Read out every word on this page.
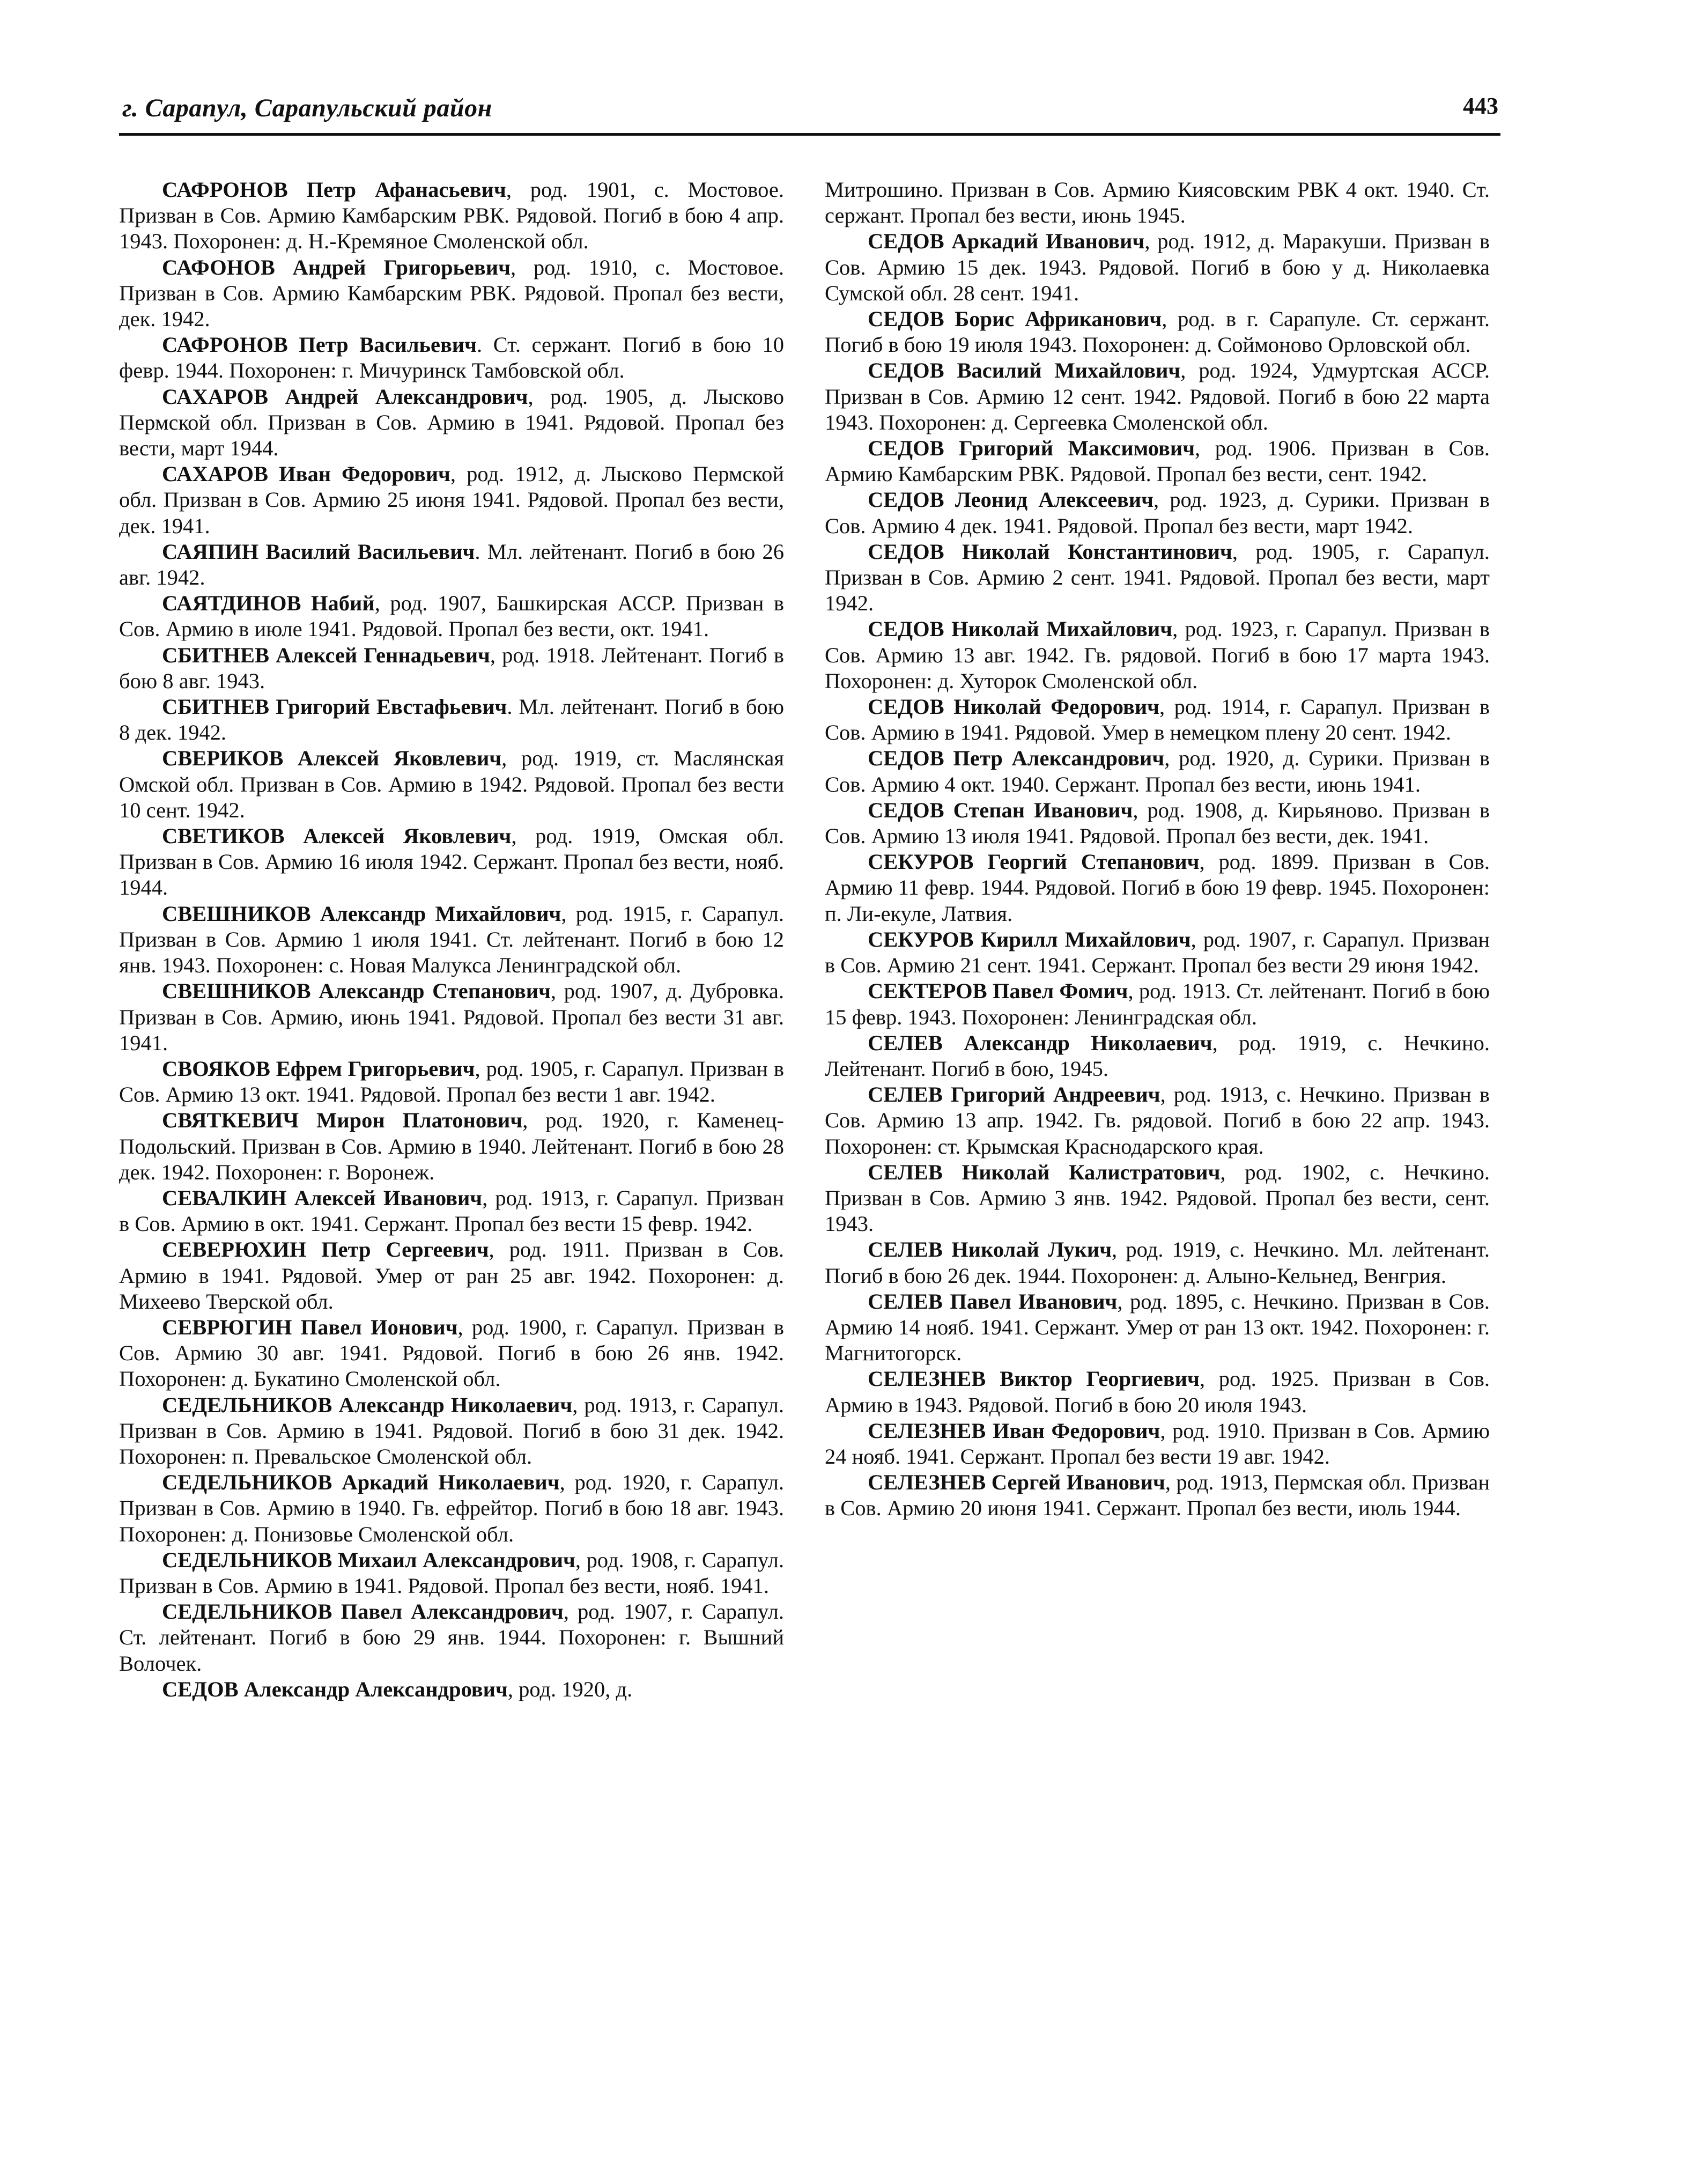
г. Сарапул, Сарапульский район	443

САФРОНОВ Петр Афанасьевич, род. 1901, с. Мостовое. Призван в Сов. Армию Камбарским РВК. Рядовой. Погиб в бою 4 апр. 1943. Похоронен: д. Н.-Кремяное Смоленской обл.

САФОНОВ Андрей Григорьевич, род. 1910, с. Мостовое. Призван в Сов. Армию Камбарским РВК. Рядовой. Пропал без вести, дек. 1942.

САФРОНОВ Петр Васильевич. Ст. сержант. Погиб в бою 10 февр. 1944. Похоронен: г. Мичуринск Тамбовской обл.

САХАРОВ Андрей Александрович, род. 1905, д. Лысково Пермской обл. Призван в Сов. Армию в 1941. Рядовой. Пропал без вести, март 1944.

САХАРОВ Иван Федорович, род. 1912, д. Лысково Пермской обл. Призван в Сов. Армию 25 июня 1941. Рядовой. Пропал без вести, дек. 1941.

САЯПИН Василий Васильевич. Мл. лейтенант. Погиб в бою 26 авг. 1942.

САЯТДИНОВ Набий, род. 1907, Башкирская АССР. Призван в Сов. Армию в июле 1941. Рядовой. Пропал без вести, окт. 1941.

СБИТНЕВ Алексей Геннадьевич, род. 1918. Лейтенант. Погиб в бою 8 авг. 1943.

СБИТНЕВ Григорий Евстафьевич. Мл. лейтенант. Погиб в бою 8 дек. 1942.

СВЕРИКОВ Алексей Яковлевич, род. 1919, ст. Маслянская Омской обл. Призван в Сов. Армию в 1942. Рядовой. Пропал без вести 10 сент. 1942.

СВЕТИКОВ Алексей Яковлевич, род. 1919, Омская обл. Призван в Сов. Армию 16 июля 1942. Сержант. Пропал без вести, нояб. 1944.

СВЕШНИКОВ Александр Михайлович, род. 1915, г. Сарапул. Призван в Сов. Армию 1 июля 1941. Ст. лейтенант. Погиб в бою 12 янв. 1943. Похоронен: с. Новая Малукса Ленинградской обл.

СВЕШНИКОВ Александр Степанович, род. 1907, д. Дубровка. Призван в Сов. Армию, июнь 1941. Рядовой. Пропал без вести 31 авг. 1941.

СВОЯКОВ Ефрем Григорьевич, род. 1905, г. Сарапул. Призван в Сов. Армию 13 окт. 1941. Рядовой. Пропал без вести 1 авг. 1942.

СВЯТКЕВИЧ Мирон Платонович, род. 1920, г. Каменец-Подольский. Призван в Сов. Армию в 1940. Лейтенант. Погиб в бою 28 дек. 1942. Похоронен: г. Воронеж.

СЕВАЛКИН Алексей Иванович, род. 1913, г. Сарапул. Призван в Сов. Армию в окт. 1941. Сержант. Пропал без вести 15 февр. 1942.

СЕВЕРЮХИН Петр Сергеевич, род. 1911. Призван в Сов. Армию в 1941. Рядовой. Умер от ран 25 авг. 1942. Похоронен: д. Михеево Тверской обл.

СЕВРЮГИН Павел Ионович, род. 1900, г. Сарапул. Призван в Сов. Армию 30 авг. 1941. Рядовой. Погиб в бою 26 янв. 1942. Похоронен: д. Букатино Смоленской обл.

СЕДЕЛЬНИКОВ Александр Николаевич, род. 1913, г. Сарапул. Призван в Сов. Армию в 1941. Рядовой. Погиб в бою 31 дек. 1942. Похоронен: п. Превальское Смоленской обл.

СЕДЕЛЬНИКОВ Аркадий Николаевич, род. 1920, г. Сарапул. Призван в Сов. Армию в 1940. Гв. ефрейтор. Погиб в бою 18 авг. 1943. Похоронен: д. Понизовье Смоленской обл.

СЕДЕЛЬНИКОВ Михаил Александрович, род. 1908, г. Сарапул. Призван в Сов. Армию в 1941. Рядовой. Пропал без вести, нояб. 1941.

СЕДЕЛЬНИКОВ Павел Александрович, род. 1907, г. Сарапул. Ст. лейтенант. Погиб в бою 29 янв. 1944. Похоронен: г. Вышний Волочек.

СЕДОВ Александр Александрович, род. 1920, д.

Митрошино. Призван в Сов. Армию Киясовским РВК 4 окт. 1940. Ст. сержант. Пропал без вести, июнь 1945.

СЕДОВ Аркадий Иванович, род. 1912, д. Маракуши. Призван в Сов. Армию 15 дек. 1943. Рядовой. Погиб в бою у д. Николаевка Сумской обл. 28 сент. 1941.

СЕДОВ Борис Африканович, род. в г. Сарапуле. Ст. сержант. Погиб в бою 19 июля 1943. Похоронен: д. Соймоново Орловской обл.

СЕДОВ Василий Михайлович, род. 1924, Удмуртская АССР. Призван в Сов. Армию 12 сент. 1942. Рядовой. Погиб в бою 22 марта 1943. Похоронен: д. Сергеевка Смоленской обл.

СЕДОВ Григорий Максимович, род. 1906. Призван в Сов. Армию Камбарским РВК. Рядовой. Пропал без вести, сент. 1942.

СЕДОВ Леонид Алексеевич, род. 1923, д. Сурики. Призван в Сов. Армию 4 дек. 1941. Рядовой. Пропал без вести, март 1942.

СЕДОВ Николай Константинович, род. 1905, г. Сарапул. Призван в Сов. Армию 2 сент. 1941. Рядовой. Пропал без вести, март 1942.

СЕДОВ Николай Михайлович, род. 1923, г. Сарапул. Призван в Сов. Армию 13 авг. 1942. Гв. рядовой. Погиб в бою 17 марта 1943. Похоронен: д. Хуторок Смоленской обл.

СЕДОВ Николай Федорович, род. 1914, г. Сарапул. Призван в Сов. Армию в 1941. Рядовой. Умер в немецком плену 20 сент. 1942.

СЕДОВ Петр Александрович, род. 1920, д. Сурики. Призван в Сов. Армию 4 окт. 1940. Сержант. Пропал без вести, июнь 1941.

СЕДОВ Степан Иванович, род. 1908, д. Кирьяново. Призван в Сов. Армию 13 июля 1941. Рядовой. Пропал без вести, дек. 1941.

СЕКУРОВ Георгий Степанович, род. 1899. Призван в Сов. Армию 11 февр. 1944. Рядовой. Погиб в бою 19 февр. 1945. Похоронен: п. Ли-екуле, Латвия.

СЕКУРОВ Кирилл Михайлович, род. 1907, г. Сарапул. Призван в Сов. Армию 21 сент. 1941. Сержант. Пропал без вести 29 июня 1942.

СЕКТЕРОВ Павел Фомич, род. 1913. Ст. лейтенант. Погиб в бою 15 февр. 1943. Похоронен: Ленинградская обл.

СЕЛЕВ Александр Николаевич, род. 1919, с. Нечкино. Лейтенант. Погиб в бою, 1945.

СЕЛЕВ Григорий Андреевич, род. 1913, с. Нечкино. Призван в Сов. Армию 13 апр. 1942. Гв. рядовой. Погиб в бою 22 апр. 1943. Похоронен: ст. Крымская Краснодарского края.

СЕЛЕВ Николай Калистратович, род. 1902, с. Нечкино. Призван в Сов. Армию 3 янв. 1942. Рядовой. Пропал без вести, сент. 1943.

СЕЛЕВ Николай Лукич, род. 1919, с. Нечкино. Мл. лейтенант. Погиб в бою 26 дек. 1944. Похоронен: д. Алыно-Кельнед, Венгрия.

СЕЛЕВ Павел Иванович, род. 1895, с. Нечкино. Призван в Сов. Армию 14 нояб. 1941. Сержант. Умер от ран 13 окт. 1942. Похоронен: г. Магнитогорск.

СЕЛЕЗНЕВ Виктор Георгиевич, род. 1925. Призван в Сов. Армию в 1943. Рядовой. Погиб в бою 20 июля 1943.

СЕЛЕЗНЕВ Иван Федорович, род. 1910. Призван в Сов. Армию 24 нояб. 1941. Сержант. Пропал без вести 19 авг. 1942.

СЕЛЕЗНЕВ Сергей Иванович, род. 1913, Пермская обл. Призван в Сов. Армию 20 июня 1941. Сержант. Пропал без вести, июль 1944.
